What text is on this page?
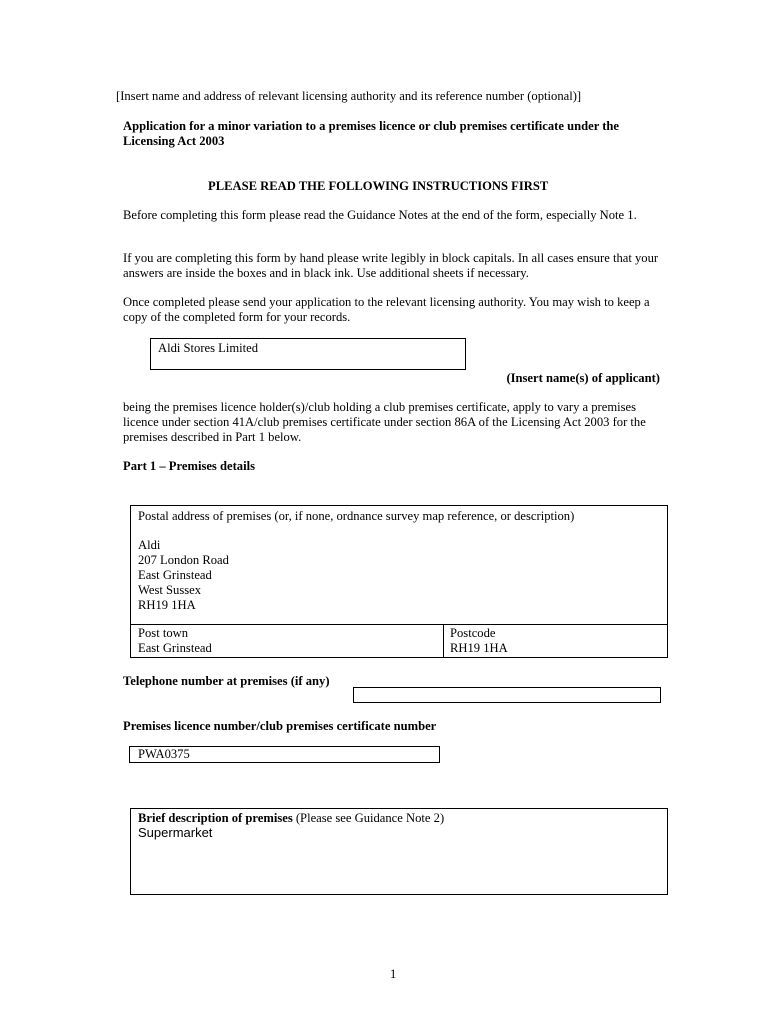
[Insert name and address of relevant licensing authority and its reference number (optional)]
Application for a minor variation to a premises licence or club premises certificate under the Licensing Act 2003
PLEASE READ THE FOLLOWING INSTRUCTIONS FIRST
Before completing this form please read the Guidance Notes at the end of the form, especially Note 1.
If you are completing this form by hand please write legibly in block capitals. In all cases ensure that your answers are inside the boxes and in black ink. Use additional sheets if necessary.
Once completed please send your application to the relevant licensing authority. You may wish to keep a copy of the completed form for your records.
Aldi Stores Limited
(Insert name(s) of applicant)
being the premises licence holder(s)/club holding a club premises certificate, apply to vary a premises licence under section 41A/club premises certificate under section 86A of the Licensing Act 2003 for the premises described in Part 1 below.
Part 1 – Premises details
Postal address of premises (or, if none, ordnance survey map reference, or description)
Aldi
207 London Road
East Grinstead
West Sussex
RH19 1HA
Post town
East Grinstead
Postcode
RH19 1HA
Telephone number at premises (if any)
Premises licence number/club premises certificate number
PWA0375
Brief description of premises (Please see Guidance Note 2)
Supermarket
1
